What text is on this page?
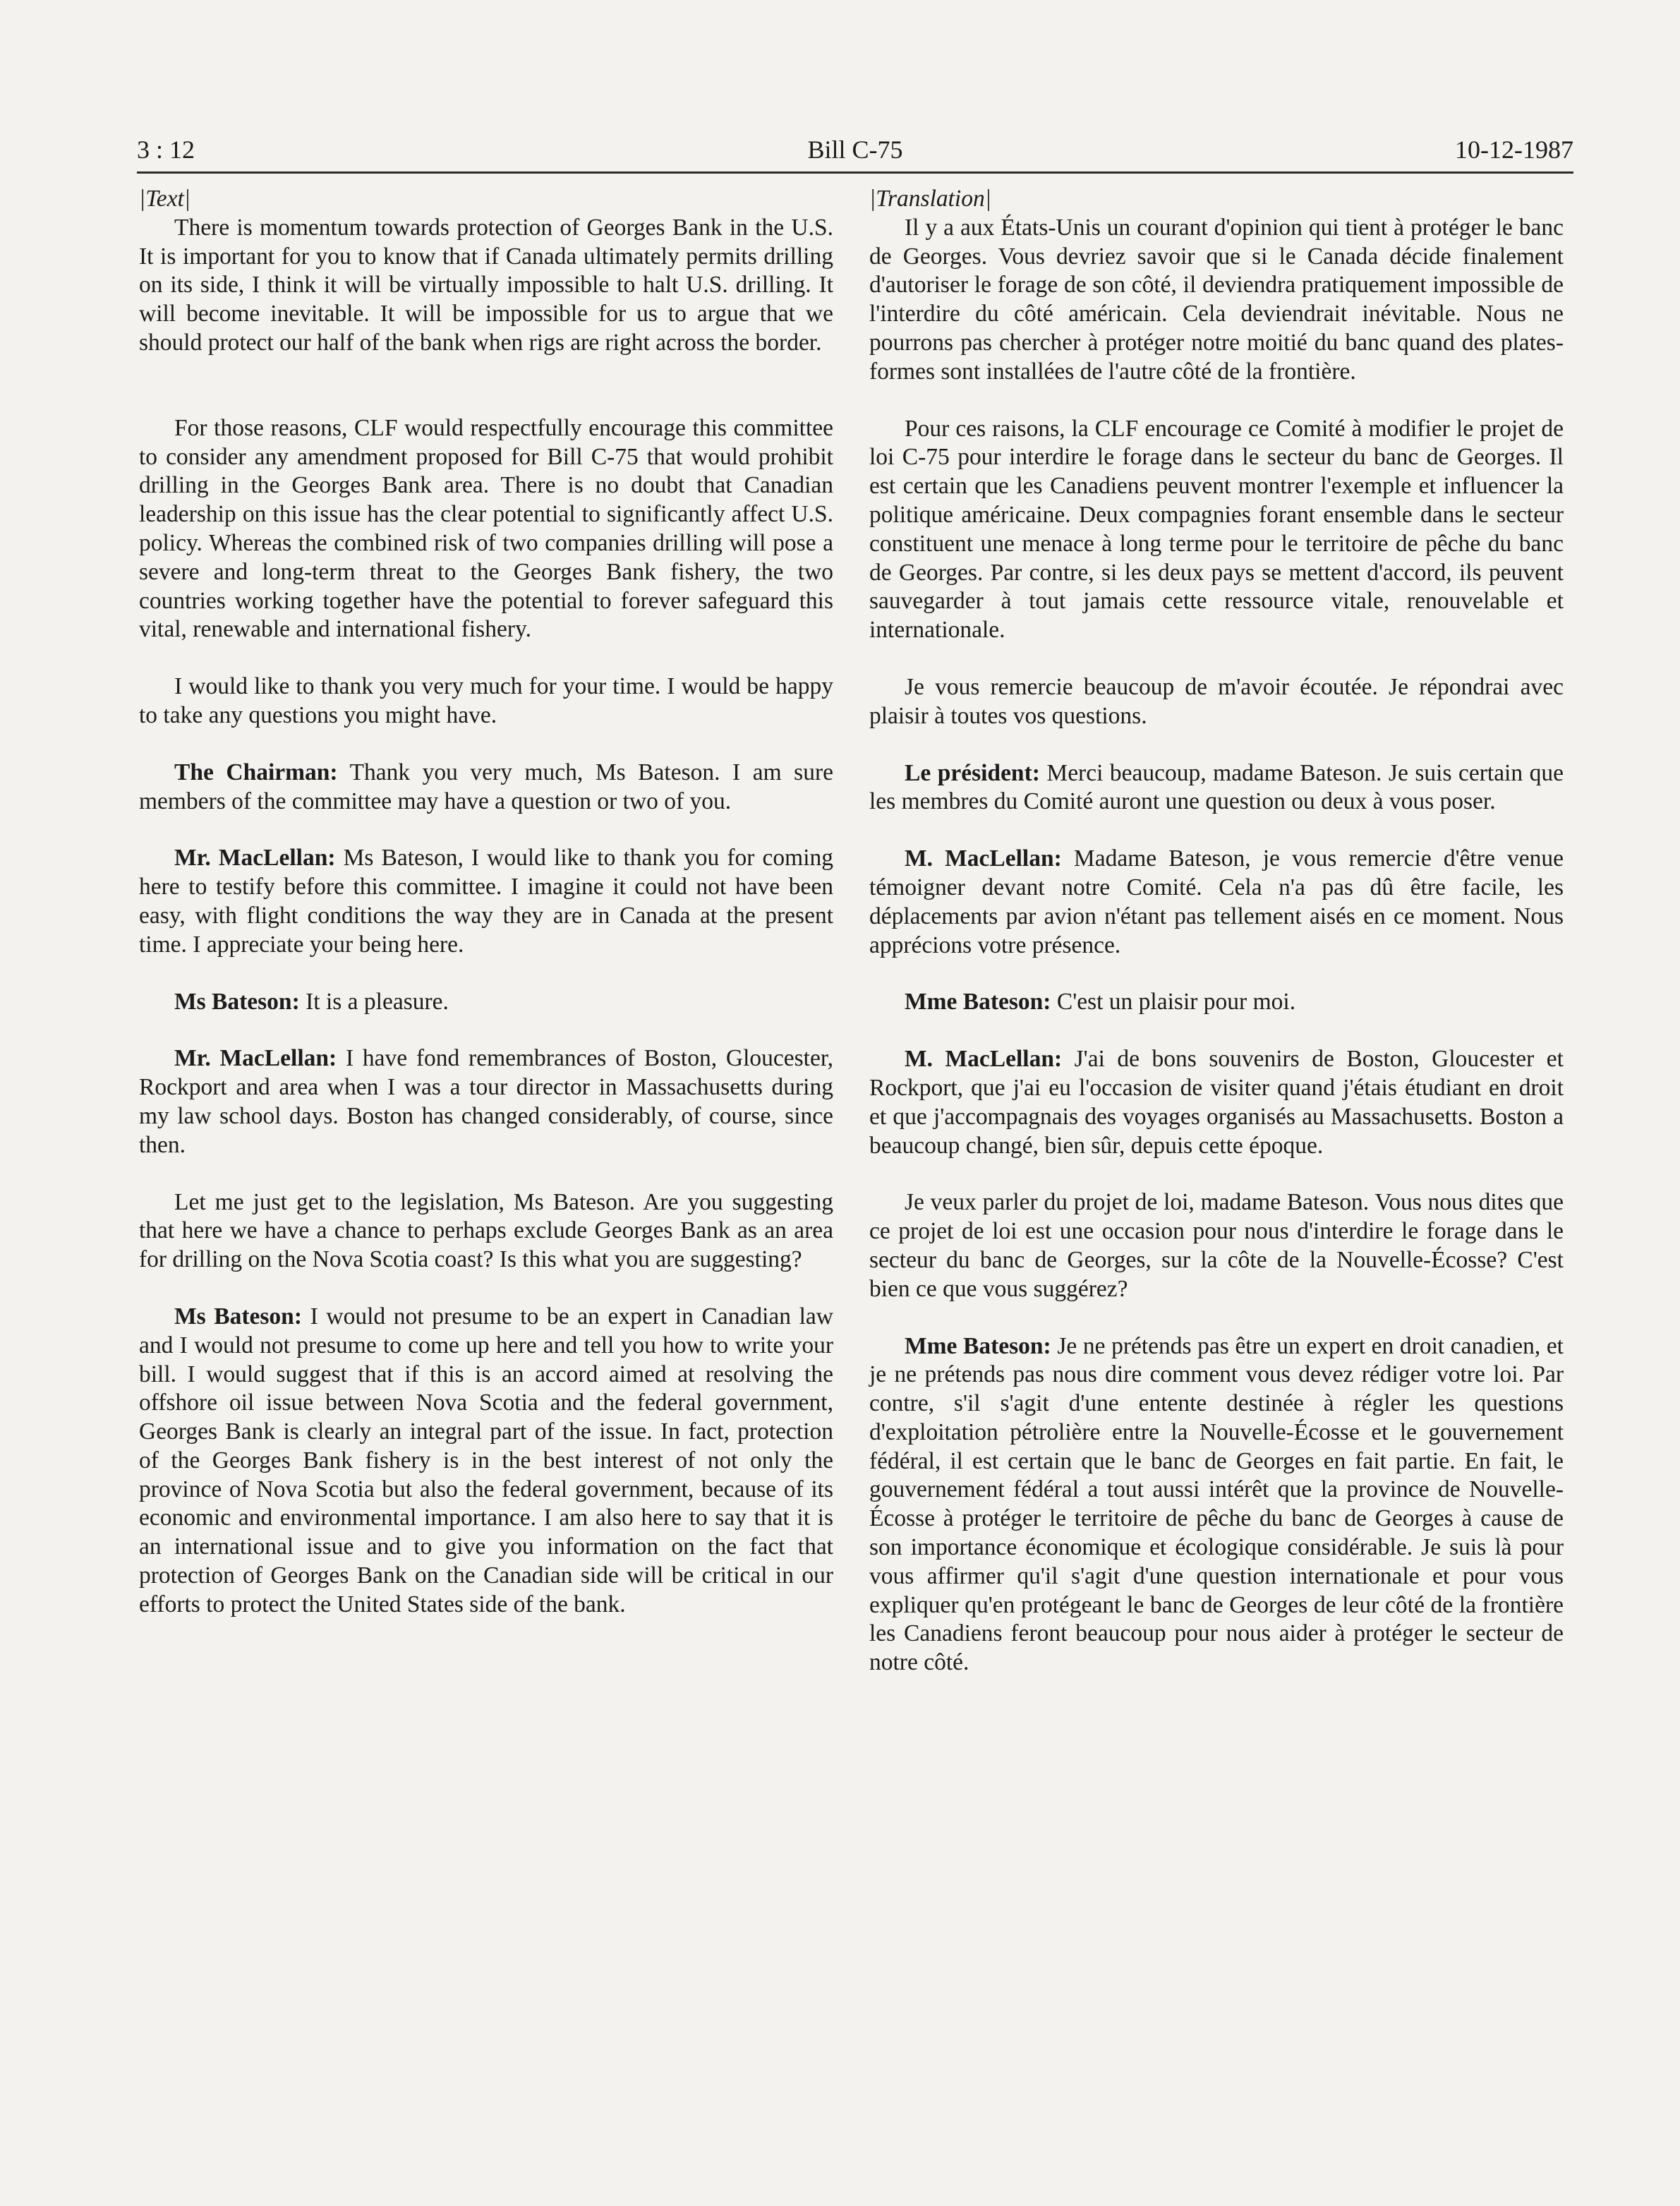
3 : 12	Bill C-75	10-12-1987

|Text|

There is momentum towards protection of Georges Bank in the U.S. It is important for you to know that if Canada ultimately permits drilling on its side, I think it will be virtually impossible to halt U.S. drilling. It will become inevitable. It will be impossible for us to argue that we should protect our half of the bank when rigs are right across the border.

For those reasons, CLF would respectfully encourage this committee to consider any amendment proposed for Bill C-75 that would prohibit drilling in the Georges Bank area. There is no doubt that Canadian leadership on this issue has the clear potential to significantly affect U.S. policy. Whereas the combined risk of two companies drilling will pose a severe and long-term threat to the Georges Bank fishery, the two countries working together have the potential to forever safeguard this vital, renewable and international fishery.

I would like to thank you very much for your time. I would be happy to take any questions you might have.

The Chairman: Thank you very much, Ms Bateson. I am sure members of the committee may have a question or two of you.

Mr. MacLellan: Ms Bateson, I would like to thank you for coming here to testify before this committee. I imagine it could not have been easy, with flight conditions the way they are in Canada at the present time. I appreciate your being here.

Ms Bateson: It is a pleasure.

Mr. MacLellan: I have fond remembrances of Boston, Gloucester, Rockport and area when I was a tour director in Massachusetts during my law school days. Boston has changed considerably, of course, since then.

Let me just get to the legislation, Ms Bateson. Are you suggesting that here we have a chance to perhaps exclude Georges Bank as an area for drilling on the Nova Scotia coast? Is this what you are suggesting?

Ms Bateson: I would not presume to be an expert in Canadian law and I would not presume to come up here and tell you how to write your bill. I would suggest that if this is an accord aimed at resolving the offshore oil issue between Nova Scotia and the federal government, Georges Bank is clearly an integral part of the issue. In fact, protection of the Georges Bank fishery is in the best interest of not only the province of Nova Scotia but also the federal government, because of its economic and environmental importance. I am also here to say that it is an international issue and to give you information on the fact that protection of Georges Bank on the Canadian side will be critical in our efforts to protect the United States side of the bank.

|Translation|

Il y a aux États-Unis un courant d'opinion qui tient à protéger le banc de Georges. Vous devriez savoir que si le Canada décide finalement d'autoriser le forage de son côté, il deviendra pratiquement impossible de l'interdire du côté américain. Cela deviendrait inévitable. Nous ne pourrons pas chercher à protéger notre moitié du banc quand des plates-formes sont installées de l'autre côté de la frontière.

Pour ces raisons, la CLF encourage ce Comité à modifier le projet de loi C-75 pour interdire le forage dans le secteur du banc de Georges. Il est certain que les Canadiens peuvent montrer l'exemple et influencer la politique américaine. Deux compagnies forant ensemble dans le secteur constituent une menace à long terme pour le territoire de pêche du banc de Georges. Par contre, si les deux pays se mettent d'accord, ils peuvent sauvegarder à tout jamais cette ressource vitale, renouvelable et internationale.

Je vous remercie beaucoup de m'avoir écoutée. Je répondrai avec plaisir à toutes vos questions.

Le président: Merci beaucoup, madame Bateson. Je suis certain que les membres du Comité auront une question ou deux à vous poser.

M. MacLellan: Madame Bateson, je vous remercie d'être venue témoigner devant notre Comité. Cela n'a pas dû être facile, les déplacements par avion n'étant pas tellement aisés en ce moment. Nous apprécions votre présence.

Mme Bateson: C'est un plaisir pour moi.

M. MacLellan: J'ai de bons souvenirs de Boston, Gloucester et Rockport, que j'ai eu l'occasion de visiter quand j'étais étudiant en droit et que j'accompagnais des voyages organisés au Massachusetts. Boston a beaucoup changé, bien sûr, depuis cette époque.

Je veux parler du projet de loi, madame Bateson. Vous nous dites que ce projet de loi est une occasion pour nous d'interdire le forage dans le secteur du banc de Georges, sur la côte de la Nouvelle-Écosse? C'est bien ce que vous suggérez?

Mme Bateson: Je ne prétends pas être un expert en droit canadien, et je ne prétends pas nous dire comment vous devez rédiger votre loi. Par contre, s'il s'agit d'une entente destinée à régler les questions d'exploitation pétrolière entre la Nouvelle-Écosse et le gouvernement fédéral, il est certain que le banc de Georges en fait partie. En fait, le gouvernement fédéral a tout aussi intérêt que la province de Nouvelle-Écosse à protéger le territoire de pêche du banc de Georges à cause de son importance économique et écologique considérable. Je suis là pour vous affirmer qu'il s'agit d'une question internationale et pour vous expliquer qu'en protégeant le banc de Georges de leur côté de la frontière les Canadiens feront beaucoup pour nous aider à protéger le secteur de notre côté.
